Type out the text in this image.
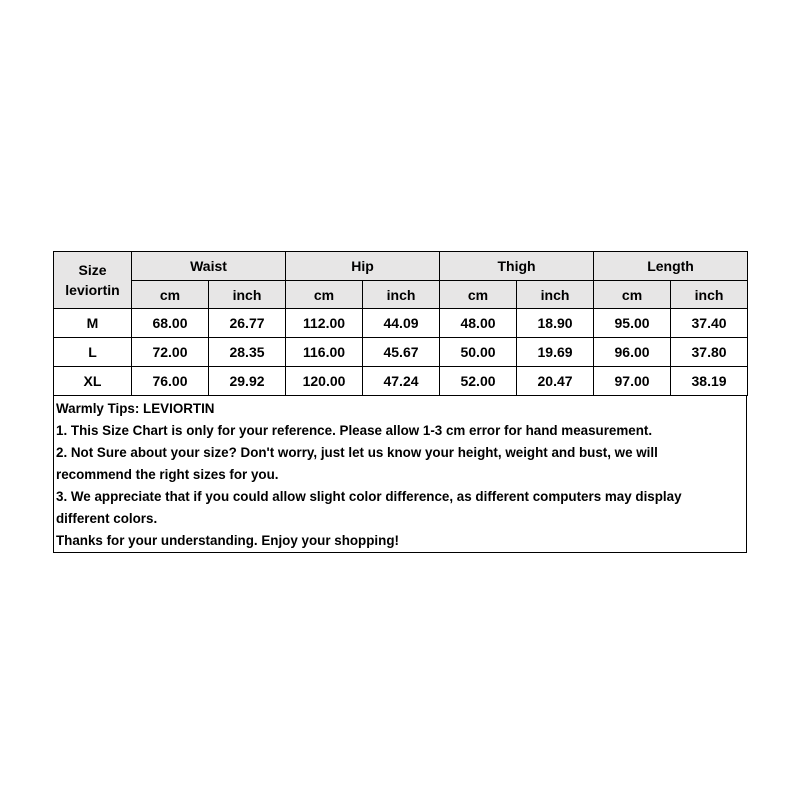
Size
leviortin	Waist		Hip		Thigh		Length	
	cm	inch	cm	inch	cm	inch	cm	inch
M	68.00	26.77	112.00	44.09	48.00	18.90	95.00	37.40
L	72.00	28.35	116.00	45.67	50.00	19.69	96.00	37.80
XL	76.00	29.92	120.00	47.24	52.00	20.47	97.00	38.19
Warmly Tips: LEVIORTIN
1. This Size Chart is only for your reference. Please allow 1-3 cm error for hand measurement.
2. Not Sure about your size? Don't worry, just let us know your height, weight and bust, we will
recommend the right sizes for you.
3. We appreciate that if you could allow slight color difference, as different computers may display
different colors.
Thanks for your understanding. Enjoy your shopping!
